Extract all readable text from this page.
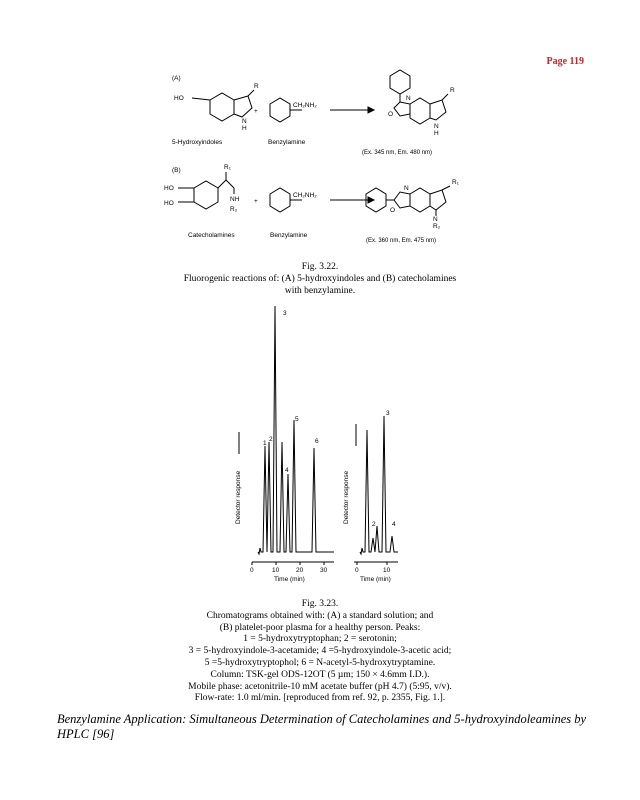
Page 119
(A)
HO
R
N
H
+
CH₂NH₂
5-Hydroxyindoles	Benzylamine
O
N
R
N
H
(Ex. 345 nm, Em. 480 nm)
(B)	R₁
HO
HO
NH
R₂
+
CH₂NH₂
Catecholamines	Benzylamine
O
N
R₁
N
R₂
(Ex. 360 nm, Em. 475 nm)
Fig. 3.22.
Fluorogenic reactions of: (A) 5-hydroxyindoles and (B) catecholamines
with benzylamine.
1
2
3
4
5
6
2
3
4
0	10	20	30	0	10
Time (min)	Time (min)
Detector response	Detector response
Fig. 3.23.
Chromatograms obtained with: (A) a standard solution; and
(B) platelet-poor plasma for a healthy person. Peaks:
1 = 5-hydroxytryptophan; 2 = serotonin;
3 = 5-hydroxyindole-3-acetamide; 4 =5-hydroxyindole-3-acetic acid;
5 =5-hydroxytryptophol; 6 = N-acetyl-5-hydroxytryptamine.
Column: TSK-gel ODS-12OT (5 µm; 150 × 4.6mm I.D.).
Mobile phase: acetonitrile-10 mM acetate buffer (pH 4.7) (5:95, v/v).
Flow-rate: 1.0 ml/min. [reproduced from ref. 92, p. 2355, Fig. 1.].
Benzylamine Application: Simultaneous Determination of Catecholamines and 5-hydroxyindoleamines by HPLC [96]
